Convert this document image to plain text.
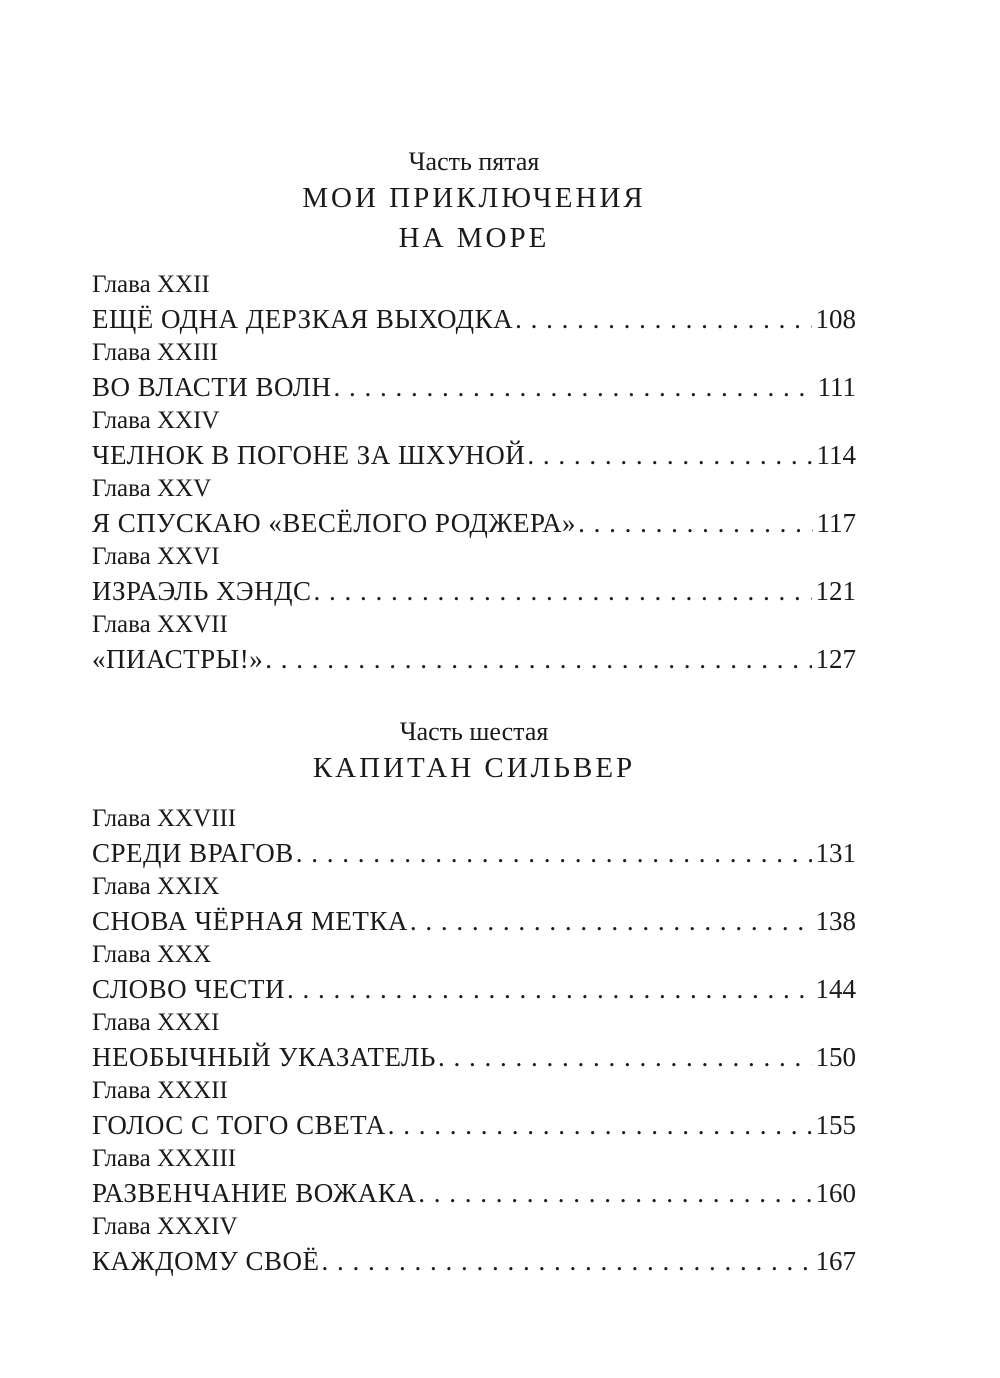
Часть пятая
МОИ ПРИКЛЮЧЕНИЯ
НА МОРЕ
Глава XXII
ЕЩЁ ОДНА ДЕРЗКАЯ ВЫХОДКА . . .	108
Глава XXIII
ВО ВЛАСТИ ВОЛН . . .	111
Глава XXIV
ЧЕЛНОК В ПОГОНЕ ЗА ШХУНОЙ . . .	114
Глава XXV
Я СПУСКАЮ «ВЕСЁЛОГО РОДЖЕРА» . . .	117
Глава XXVI
ИЗРАЭЛЬ ХЭНДС . . .	121
Глава XXVII
«ПИАСТРЫ!» . . .	127
Часть шестая
КАПИТАН СИЛЬВЕР
Глава XXVIII
СРЕДИ ВРАГОВ . . .	131
Глава XXIX
СНОВА ЧЁРНАЯ МЕТКА . . .	138
Глава XXX
СЛОВО ЧЕСТИ . . .	144
Глава XXXI
НЕОБЫЧНЫЙ УКАЗАТЕЛЬ . . .	150
Глава XXXII
ГОЛОС С ТОГО СВЕТА . . .	155
Глава XXXIII
РАЗВЕНЧАНИЕ ВОЖАКА . . .	160
Глава XXXIV
КАЖДОМУ СВОЁ . . .	167
